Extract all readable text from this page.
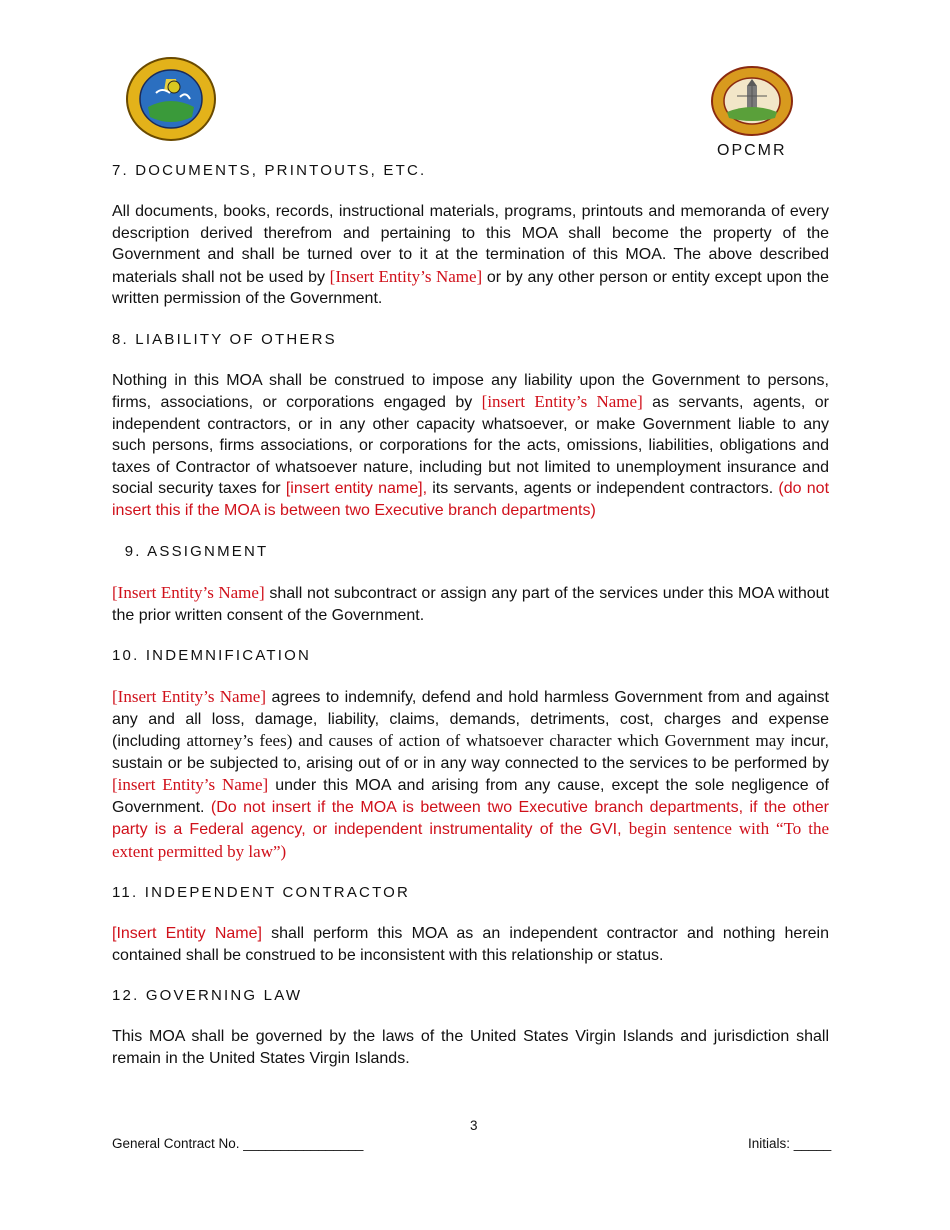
OPCMR

7. DOCUMENTS, PRINTOUTS, ETC.

All documents, books, records, instructional materials, programs, printouts and memoranda of every description derived therefrom and pertaining to this MOA shall become the property of the Government and shall be turned over to it at the termination of this MOA. The above described materials shall not be used by [Insert Entity’s Name] or by any other person or entity except upon the written permission of the Government.

8. LIABILITY OF OTHERS

Nothing in this MOA shall be construed to impose any liability upon the Government to persons, firms, associations, or corporations engaged by [insert Entity’s Name] as servants, agents, or independent contractors, or in any other capacity whatsoever, or make Government liable to any such persons, firms associations, or corporations for the acts, omissions, liabilities, obligations and taxes of Contractor of whatsoever nature, including but not limited to unemployment insurance and social security taxes for [insert entity name], its servants, agents or independent contractors. (do not insert this if the MOA is between two Executive branch departments)

9. ASSIGNMENT

[Insert Entity’s Name] shall not subcontract or assign any part of the services under this MOA without the prior written consent of the Government.

10. INDEMNIFICATION

[Insert Entity’s Name] agrees to indemnify, defend and hold harmless Government from and against any and all loss, damage, liability, claims, demands, detriments, cost, charges and expense (including attorney’s fees) and causes of action of whatsoever character which Government may incur, sustain or be subjected to, arising out of or in any way connected to the services to be performed by [insert Entity’s Name] under this MOA and arising from any cause, except the sole negligence of Government. (Do not insert if the MOA is between two Executive branch departments, if the other party is a Federal agency, or independent instrumentality of the GVI, begin sentence with “To the extent permitted by law”)

11. INDEPENDENT CONTRACTOR

[Insert Entity Name] shall perform this MOA as an independent contractor and nothing herein contained shall be construed to be inconsistent with this relationship or status.

12. GOVERNING LAW

This MOA shall be governed by the laws of the United States Virgin Islands and jurisdiction shall remain in the United States Virgin Islands.

3
General Contract No. ________________	Initials: _____
